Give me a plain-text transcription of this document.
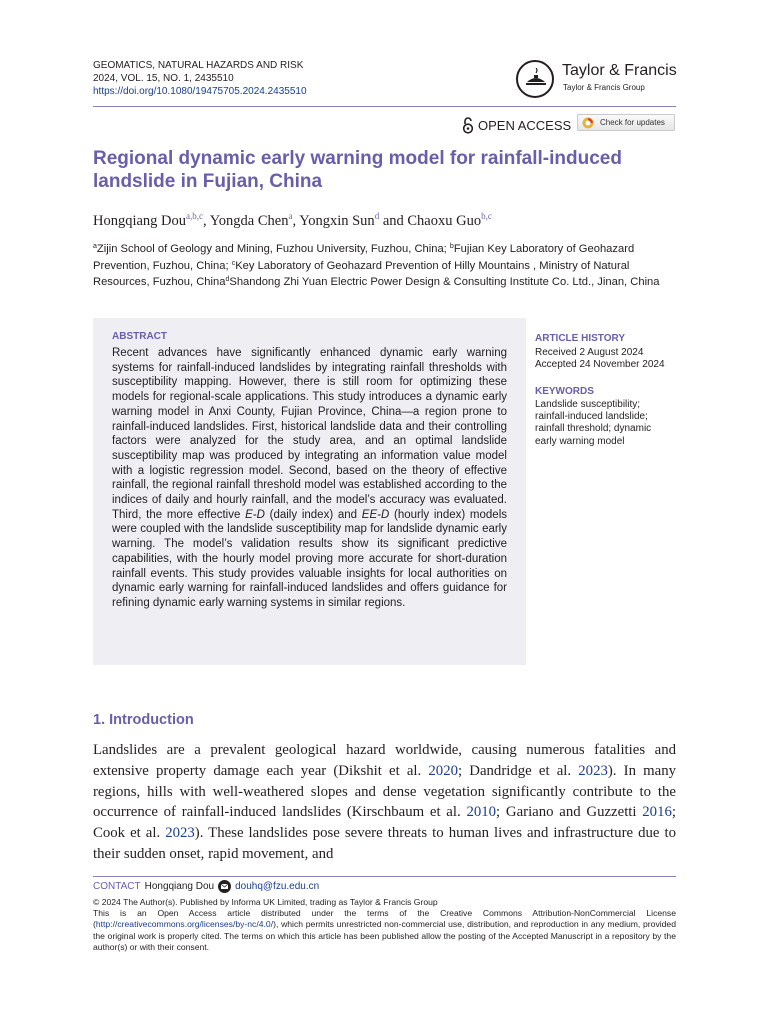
GEOMATICS, NATURAL HAZARDS AND RISK
2024, VOL. 15, NO. 1, 2435510
https://doi.org/10.1080/19475705.2024.2435510
Taylor & Francis
Taylor & Francis Group
OPEN ACCESS	Check for updates
Regional dynamic early warning model for rainfall-induced landslide in Fujian, China
Hongqiang Dou$^{a,b,c}$, Yongda Chen$^a$, Yongxin Sun$^d$ and Chaoxu Guo$^{b,c}$
$^a$Zijin School of Geology and Mining, Fuzhou University, Fuzhou, China; $^b$Fujian Key Laboratory of Geohazard Prevention, Fuzhou, China; $^c$Key Laboratory of Geohazard Prevention of Hilly Mountains , Ministry of Natural Resources, Fuzhou, China$^d$Shandong Zhi Yuan Electric Power Design & Consulting Institute Co. Ltd., Jinan, China
ABSTRACT
Recent advances have significantly enhanced dynamic early warning systems for rainfall-induced landslides by integrating rainfall thresholds with susceptibility mapping. However, there is still room for optimizing these models for regional-scale applications. This study introduces a dynamic early warning model in Anxi County, Fujian Province, China—a region prone to rainfall-induced landslides. First, historical landslide data and their controlling factors were analyzed for the study area, and an optimal landslide susceptibility map was produced by integrating an information value model with a logistic regression model. Second, based on the theory of effective rainfall, the regional rainfall threshold model was established according to the indices of daily and hourly rainfall, and the model’s accuracy was evaluated. Third, the more effective E-D (daily index) and EE-D (hourly index) models were coupled with the landslide susceptibility map for landslide dynamic early warning. The model’s validation results show its significant predictive capabilities, with the hourly model proving more accurate for short-duration rainfall events. This study provides valuable insights for local authorities on dynamic early warning for rainfall-induced landslides and offers guidance for refining dynamic early warning systems in similar regions.
ARTICLE HISTORY
Received 2 August 2024
Accepted 24 November 2024
KEYWORDS
Landslide susceptibility; rainfall-induced landslide; rainfall threshold; dynamic early warning model
1. Introduction
Landslides are a prevalent geological hazard worldwide, causing numerous fatalities and extensive property damage each year (Dikshit et al. 2020; Dandridge et al. 2023). In many regions, hills with well-weathered slopes and dense vegetation significantly contribute to the occurrence of rainfall-induced landslides (Kirschbaum et al. 2010; Gariano and Guzzetti 2016; Cook et al. 2023). These landslides pose severe threats to human lives and infrastructure due to their sudden onset, rapid movement, and
CONTACT Hongqiang Dou douhq@fzu.edu.cn
© 2024 The Author(s). Published by Informa UK Limited, trading as Taylor & Francis Group
This is an Open Access article distributed under the terms of the Creative Commons Attribution-NonCommercial License (http://creativecommons.org/licenses/by-nc/4.0/), which permits unrestricted non-commercial use, distribution, and reproduction in any medium, provided the original work is properly cited. The terms on which this article has been published allow the posting of the Accepted Manuscript in a repository by the author(s) or with their consent.
